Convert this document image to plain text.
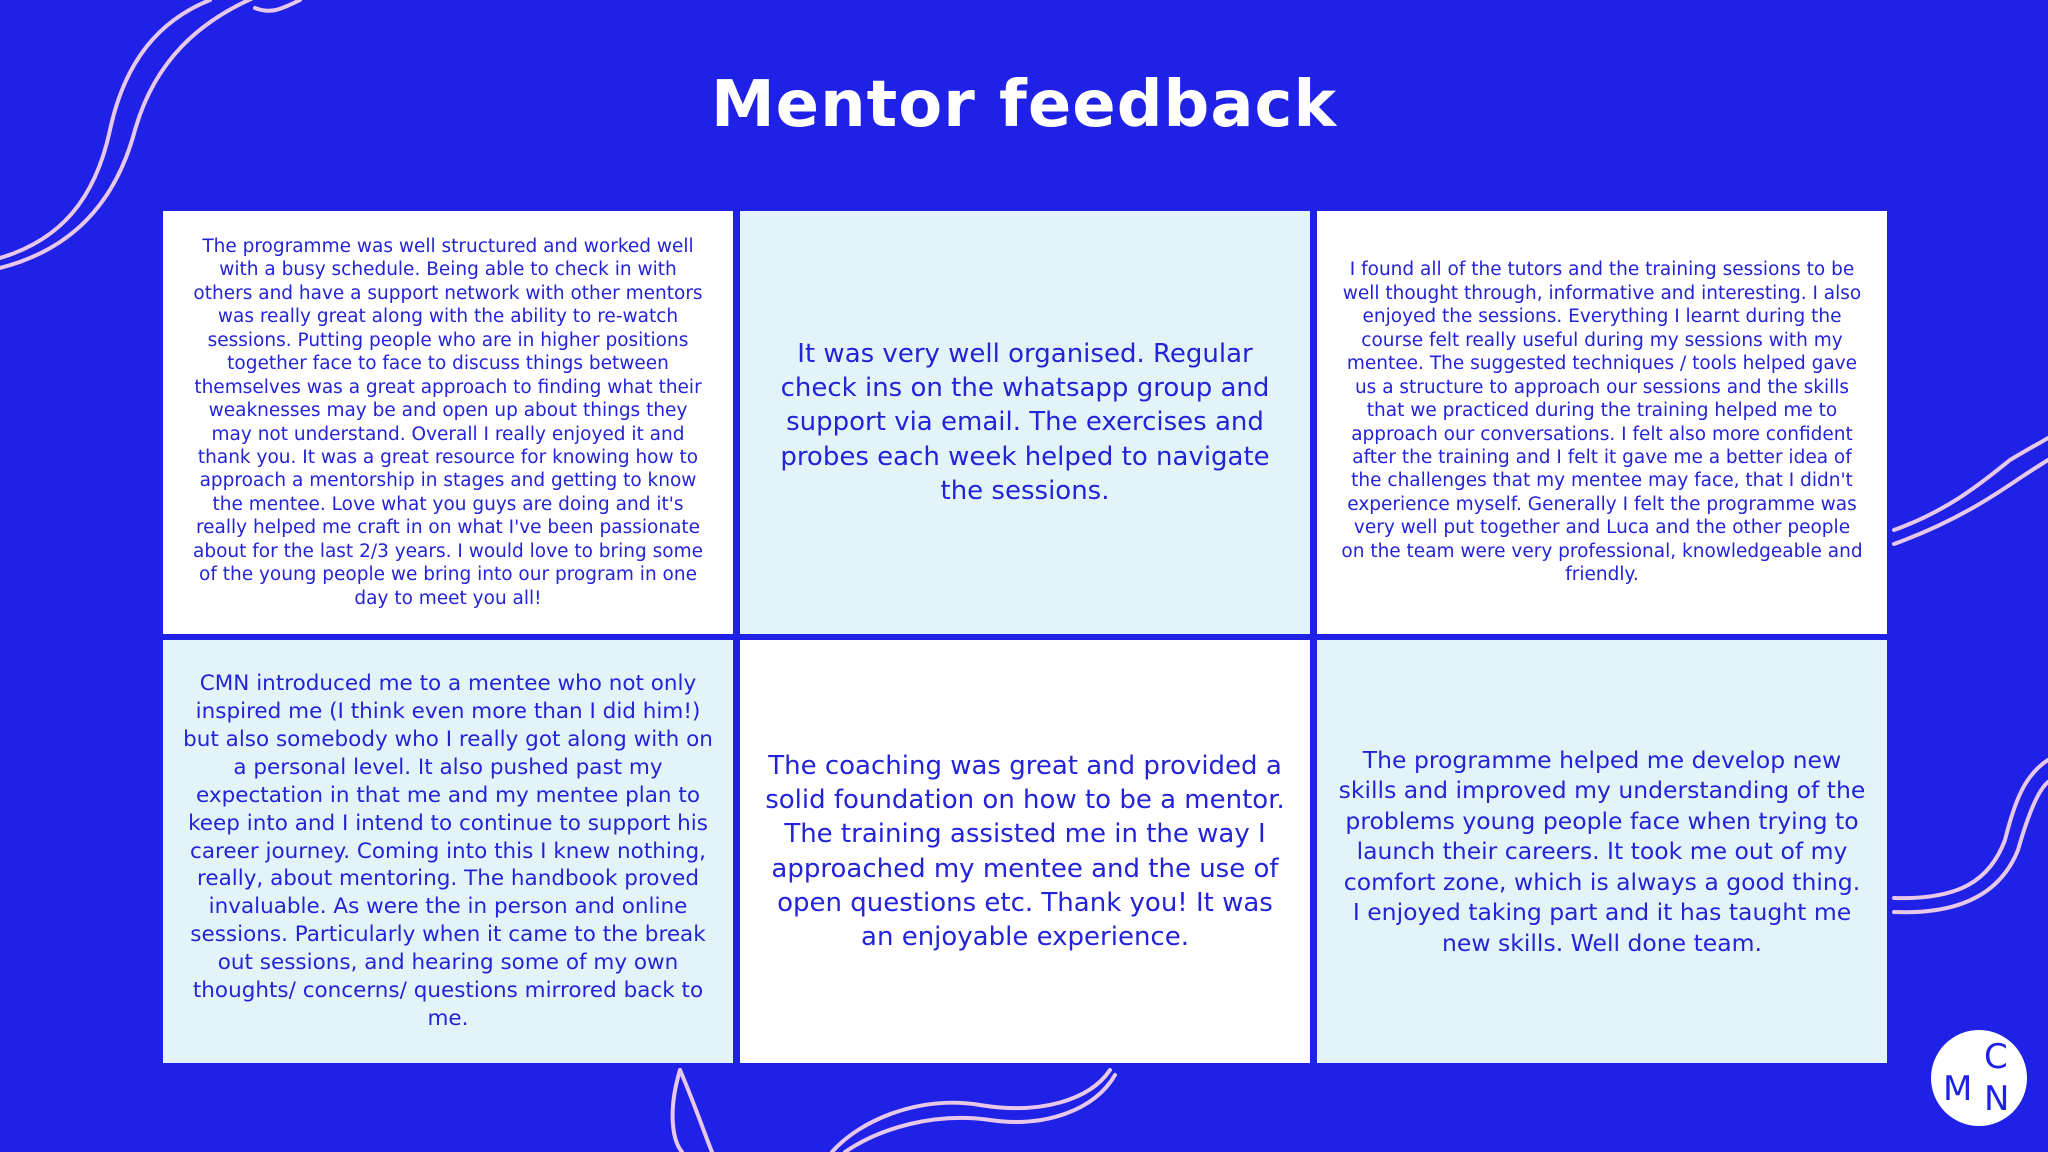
Mentor feedback

The programme was well structured and worked well with a busy schedule. Being able to check in with others and have a support network with other mentors was really great along with the ability to re-watch sessions. Putting people who are in higher positions together face to face to discuss things between themselves was a great approach to finding what their weaknesses may be and open up about things they may not understand. Overall I really enjoyed it and thank you. It was a great resource for knowing how to approach a mentorship in stages and getting to know the mentee. Love what you guys are doing and it's really helped me craft in on what I've been passionate about for the last 2/3 years. I would love to bring some of the young people we bring into our program in one day to meet you all!

It was very well organised. Regular check ins on the whatsapp group and support via email. The exercises and probes each week helped to navigate the sessions.

I found all of the tutors and the training sessions to be well thought through, informative and interesting. I also enjoyed the sessions. Everything I learnt during the course felt really useful during my sessions with my mentee. The suggested techniques / tools helped gave us a structure to approach our sessions and the skills that we practiced during the training helped me to approach our conversations. I felt also more confident after the training and I felt it gave me a better idea of the challenges that my mentee may face, that I didn't experience myself. Generally I felt the programme was very well put together and Luca and the other people on the team were very professional, knowledgeable and friendly.

CMN introduced me to a mentee who not only inspired me (I think even more than I did him!) but also somebody who I really got along with on a personal level. It also pushed past my expectation in that me and my mentee plan to keep into and I intend to continue to support his career journey. Coming into this I knew nothing, really, about mentoring. The handbook proved invaluable. As were the in person and online sessions. Particularly when it came to the break out sessions, and hearing some of my own thoughts/ concerns/ questions mirrored back to me.

The coaching was great and provided a solid foundation on how to be a mentor. The training assisted me in the way I approached my mentee and the use of open questions etc. Thank you! It was an enjoyable experience.

The programme helped me develop new skills and improved my understanding of the problems young people face when trying to launch their careers. It took me out of my comfort zone, which is always a good thing. I enjoyed taking part and it has taught me new skills. Well done team.

C
M N
